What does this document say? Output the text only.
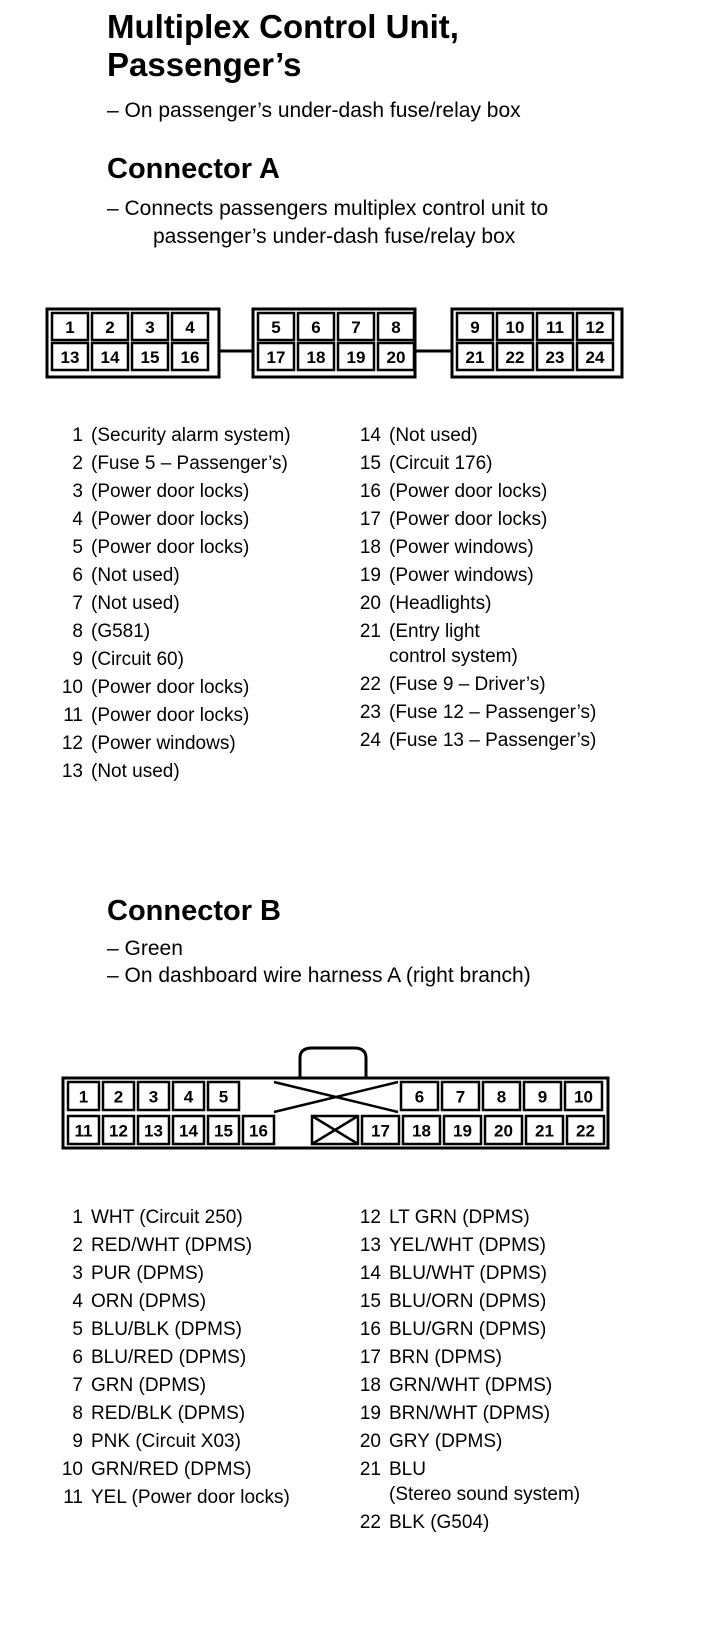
Multiplex Control Unit,
Passenger’s
– On passenger’s under-dash fuse/relay box
Connector A
– Connects passengers multiplex control unit to
passenger’s under-dash fuse/relay box
1 2 3 4
13 14 15 16
5 6 7 8
17 18 19 20
9 10 11 12
21 22 23 24
1 (Security alarm system)
2 (Fuse 5 – Passenger’s)
3 (Power door locks)
4 (Power door locks)
5 (Power door locks)
6 (Not used)
7 (Not used)
8 (G581)
9 (Circuit 60)
10 (Power door locks)
11 (Power door locks)
12 (Power windows)
13 (Not used)
14 (Not used)
15 (Circuit 176)
16 (Power door locks)
17 (Power door locks)
18 (Power windows)
19 (Power windows)
20 (Headlights)
21 (Entry light
control system)
22 (Fuse 9 – Driver’s)
23 (Fuse 12 – Passenger’s)
24 (Fuse 13 – Passenger’s)
Connector B
– Green
– On dashboard wire harness A (right branch)
1 2 3 4 5	6 7 8 9 10
11 12 13 14 15 16	17 18 19 20 21 22
1 WHT (Circuit 250)
2 RED/WHT (DPMS)
3 PUR (DPMS)
4 ORN (DPMS)
5 BLU/BLK (DPMS)
6 BLU/RED (DPMS)
7 GRN (DPMS)
8 RED/BLK (DPMS)
9 PNK (Circuit X03)
10 GRN/RED (DPMS)
11 YEL (Power door locks)
12 LT GRN (DPMS)
13 YEL/WHT (DPMS)
14 BLU/WHT (DPMS)
15 BLU/ORN (DPMS)
16 BLU/GRN (DPMS)
17 BRN (DPMS)
18 GRN/WHT (DPMS)
19 BRN/WHT (DPMS)
20 GRY (DPMS)
21 BLU
(Stereo sound system)
22 BLK (G504)
